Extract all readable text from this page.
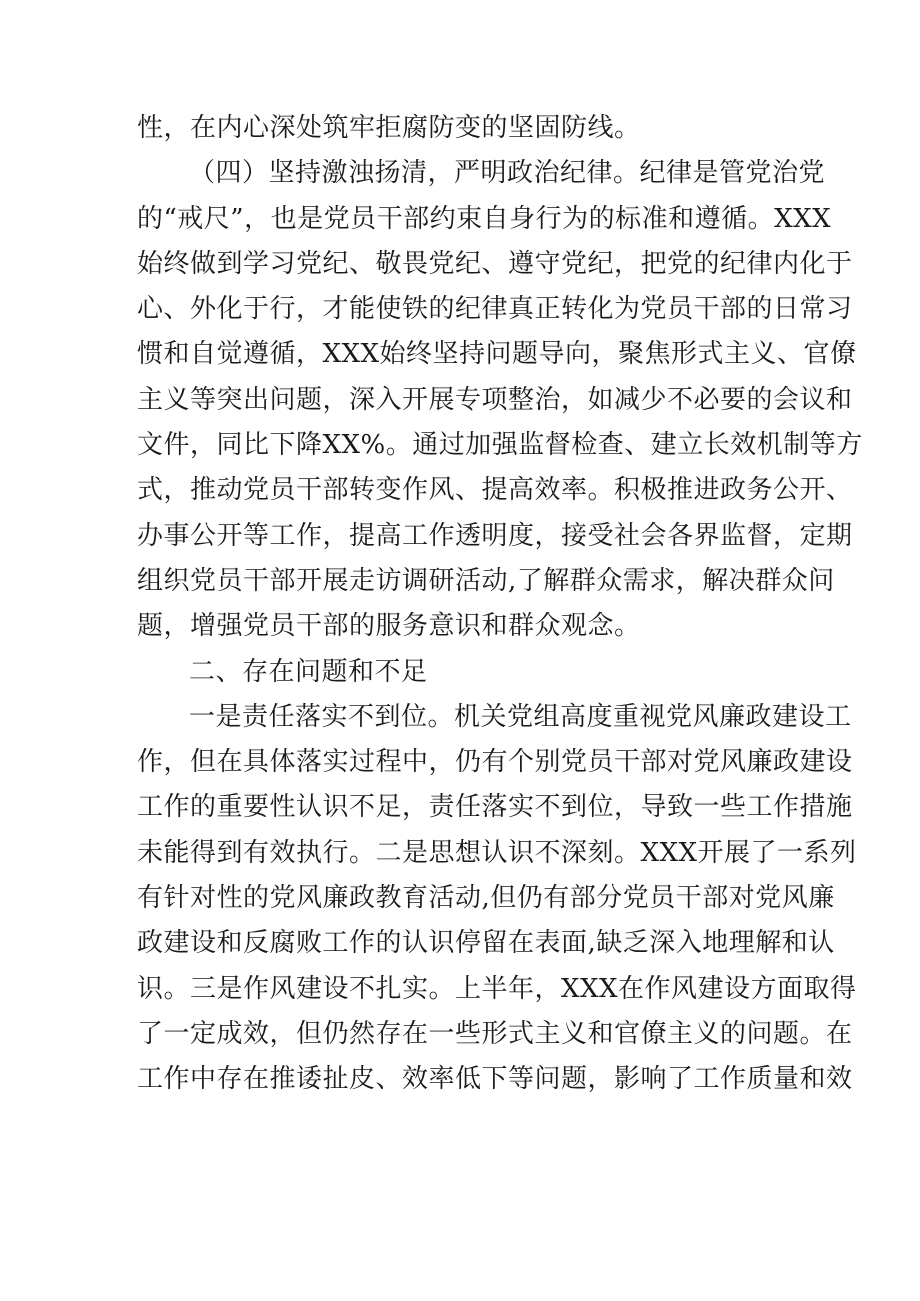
性，在内心深处筑牢拒腐防变的坚固防线。
（四）坚持激浊扬清，严明政治纪律。纪律是管党治党
的“戒尺”，也是党员干部约束自身行为的标准和遵循。XXX
始终做到学习党纪、敬畏党纪、遵守党纪，把党的纪律内化于
心、外化于行，才能使铁的纪律真正转化为党员干部的日常习
惯和自觉遵循，XXX始终坚持问题导向，聚焦形式主义、官僚
主义等突出问题，深入开展专项整治，如减少不必要的会议和
文件，同比下降XX%。通过加强监督检查、建立长效机制等方
式，推动党员干部转变作风、提高效率。积极推进政务公开、
办事公开等工作，提高工作透明度，接受社会各界监督，定期
组织党员干部开展走访调研活动,了解群众需求，解决群众问
题，增强党员干部的服务意识和群众观念。
二、存在问题和不足
一是责任落实不到位。机关党组高度重视党风廉政建设工
作，但在具体落实过程中，仍有个别党员干部对党风廉政建设
工作的重要性认识不足，责任落实不到位，导致一些工作措施
未能得到有效执行。二是思想认识不深刻。XXX开展了一系列
有针对性的党风廉政教育活动,但仍有部分党员干部对党风廉
政建设和反腐败工作的认识停留在表面,缺乏深入地理解和认
识。三是作风建设不扎实。上半年，XXX在作风建设方面取得
了一定成效，但仍然存在一些形式主义和官僚主义的问题。在
工作中存在推诿扯皮、效率低下等问题，影响了工作质量和效
